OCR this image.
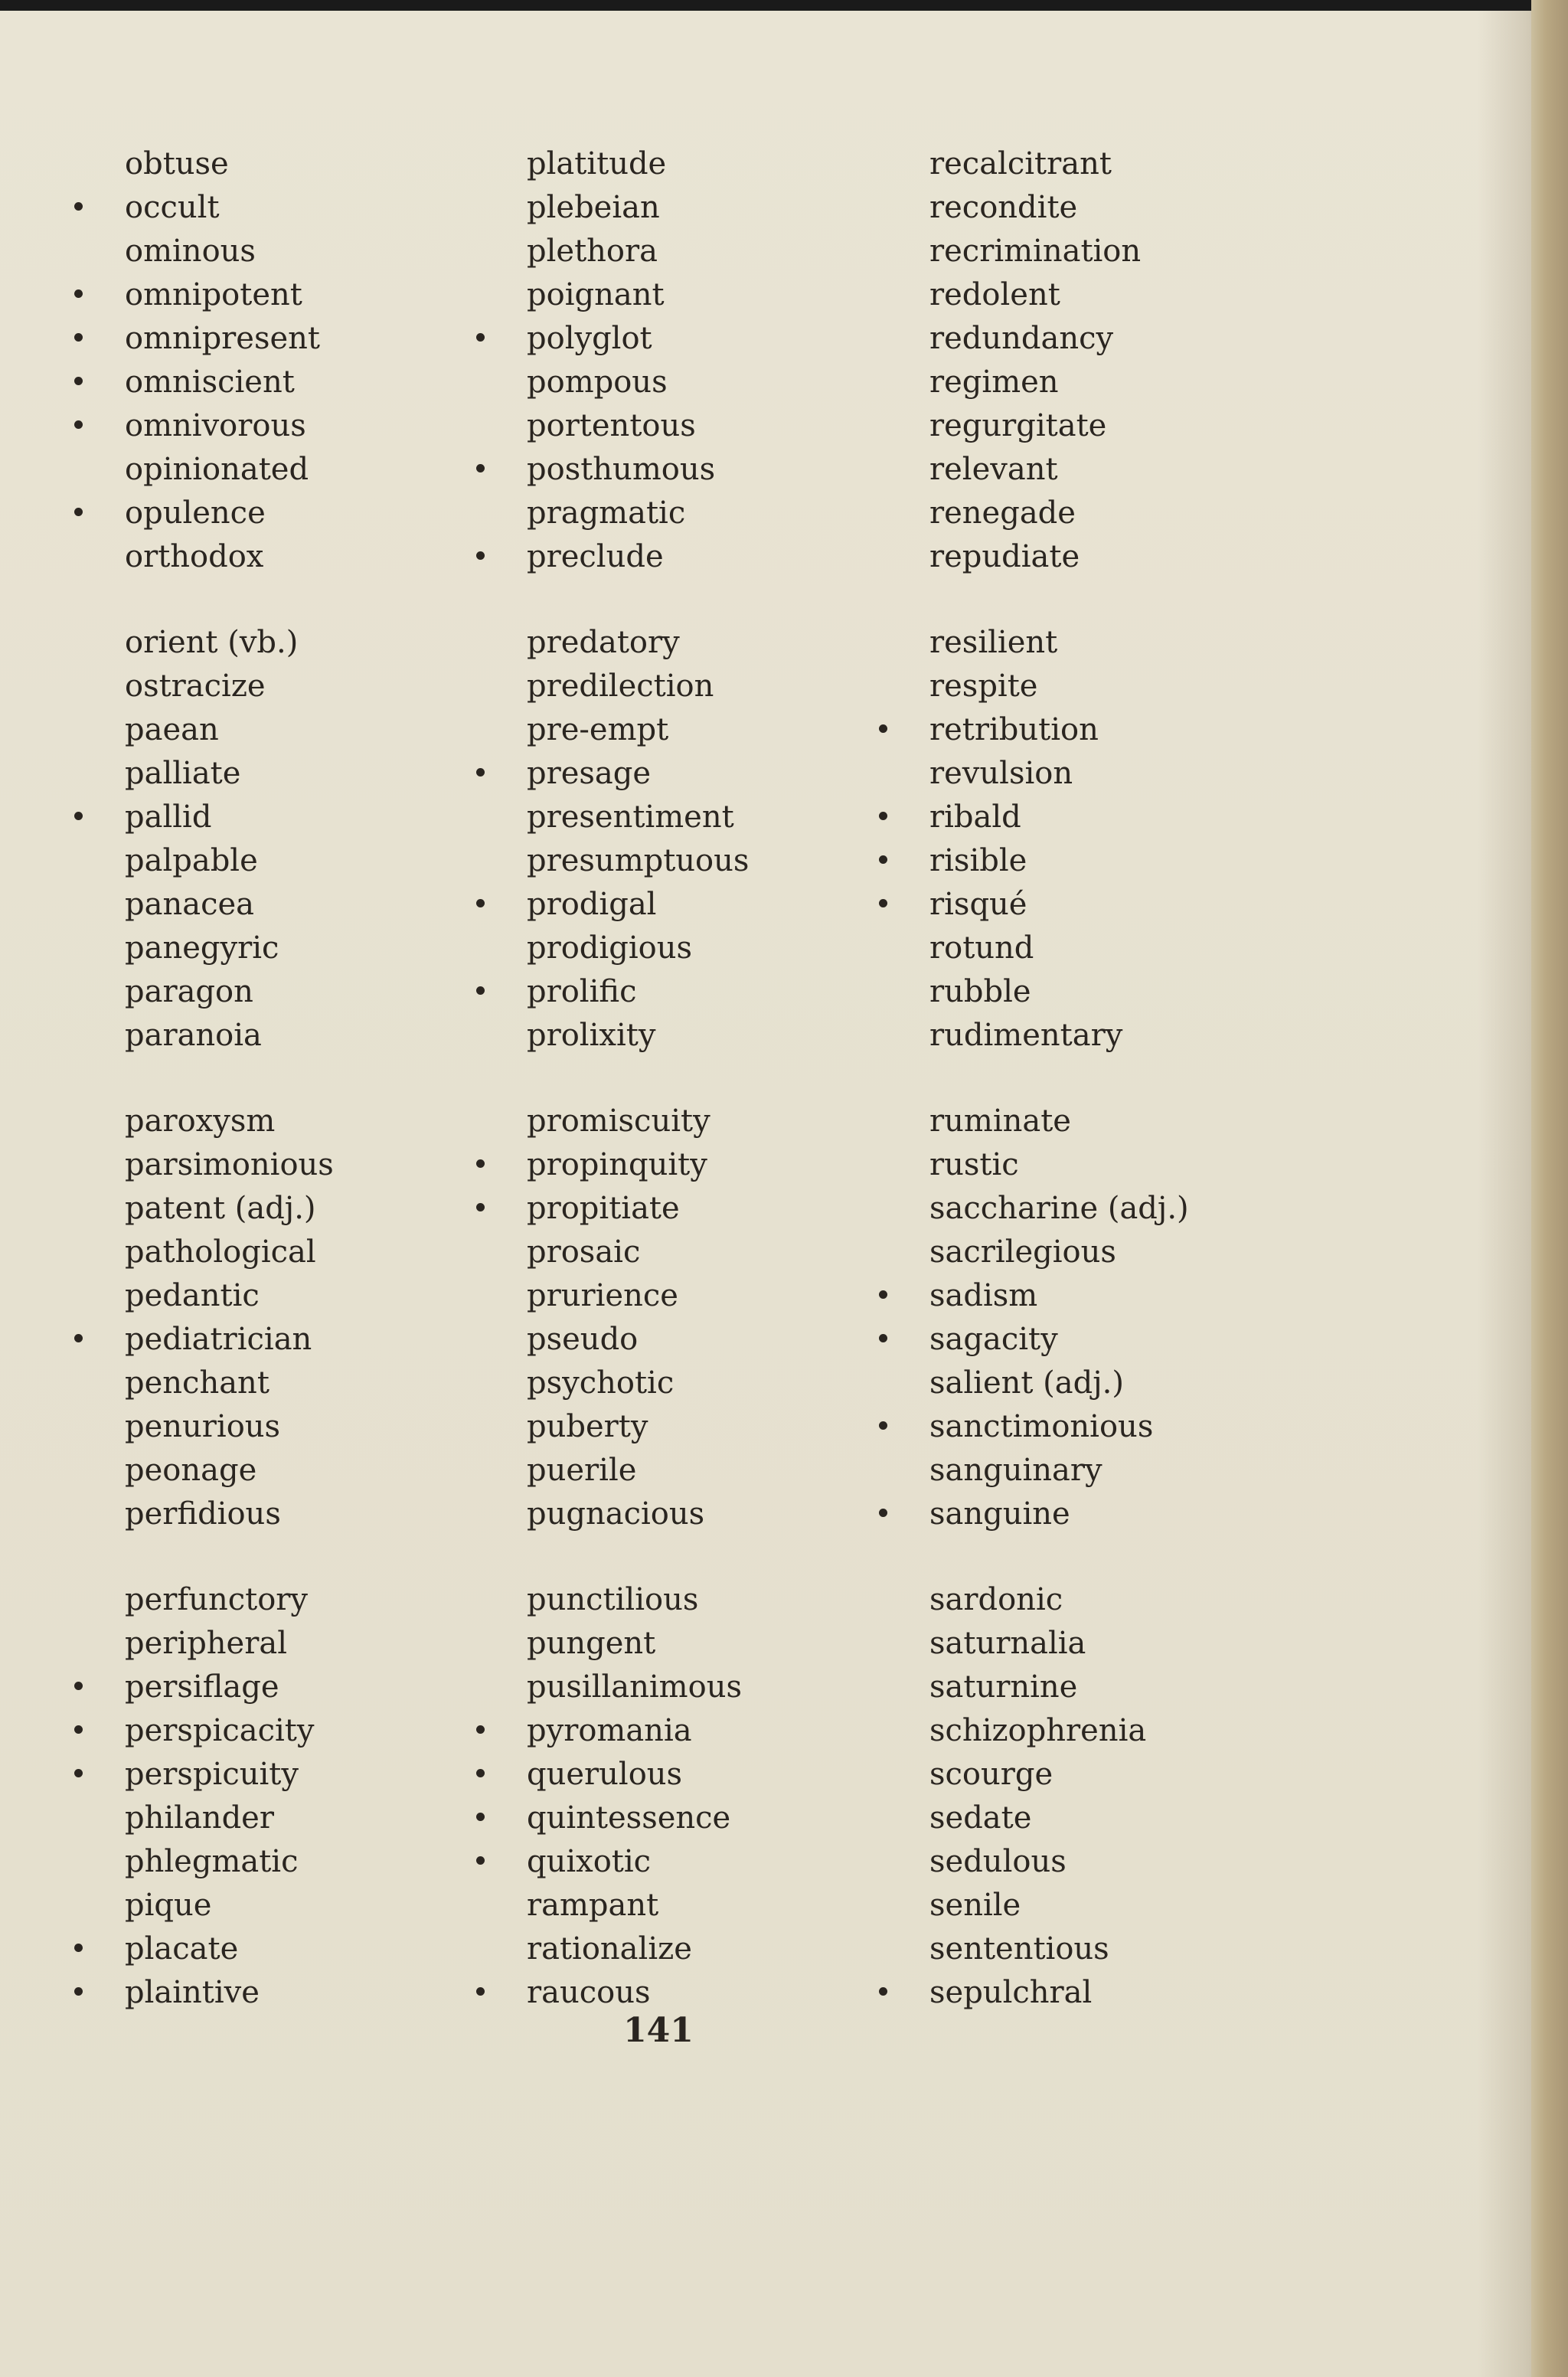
obtuse
occult
ominous
omnipotent
omnipresent
omniscient
omnivorous
opinionated
opulence
orthodox
orient (vb.)
ostracize
paean
palliate
pallid
palpable
panacea
panegyric
paragon
paranoia
paroxysm
parsimonious
patent (adj.)
pathological
pedantic
pediatrician
penchant
penurious
peonage
perfidious
perfunctory
peripheral
persiflage
perspicacity
perspicuity
philander
phlegmatic
pique
placate
plaintive
platitude
plebeian
plethora
poignant
polyglot
pompous
portentous
posthumous
pragmatic
preclude
predatory
predilection
pre-empt
presage
presentiment
presumptuous
prodigal
prodigious
prolific
prolixity
promiscuity
propinquity
propitiate
prosaic
prurience
pseudo
psychotic
puberty
puerile
pugnacious
punctilious
pungent
pusillanimous
pyromania
querulous
quintessence
quixotic
rampant
rationalize
raucous
recalcitrant
recondite
recrimination
redolent
redundancy
regimen
regurgitate
relevant
renegade
repudiate
resilient
respite
retribution
revulsion
ribald
risible
risqué
rotund
rubble
rudimentary
ruminate
rustic
saccharine (adj.)
sacrilegious
sadism
sagacity
salient (adj.)
sanctimonious
sanguinary
sanguine
sardonic
saturnalia
saturnine
schizophrenia
scourge
sedate
sedulous
senile
sententious
sepulchral
141
